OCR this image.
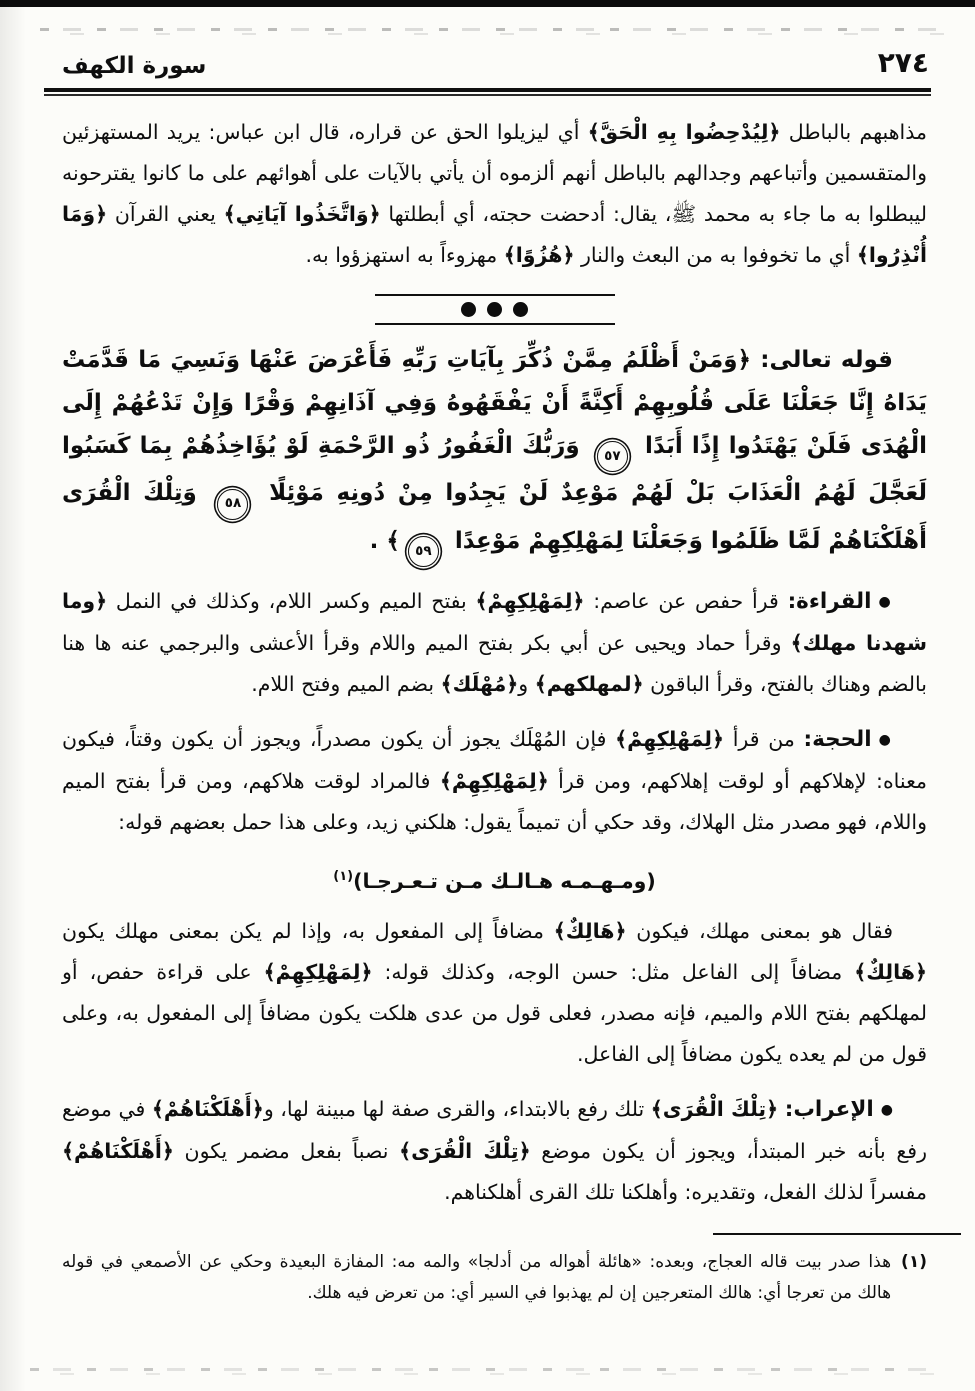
٢٧٤
سورة الكهف

مذاهبهم بالباطل ﴿لِيُدْحِضُوا بِهِ الْحَقَّ﴾ أي ليزيلوا الحق عن قراره، قال ابن عباس: يريد المستهزئين والمتقسمين وأتباعهم وجدالهم بالباطل أنهم ألزموه أن يأتي بالآيات على أهوائهم على ما كانوا يقترحونه ليبطلوا به ما جاء به محمد ﷺ، يقال: أدحضت حجته، أي أبطلتها ﴿وَاتَّخَذُوا آيَاتِي﴾ يعني القرآن ﴿وَمَا أُنْذِرُوا﴾ أي ما تخوفوا به من البعث والنار ﴿هُزُوًا﴾ مهزوءاً به استهزؤوا به.

قوله تعالى: ﴿وَمَنْ أَظْلَمُ مِمَّنْ ذُكِّرَ بِآيَاتِ رَبِّهِ فَأَعْرَضَ عَنْهَا وَنَسِيَ مَا قَدَّمَتْ يَدَاهُ إِنَّا جَعَلْنَا عَلَى قُلُوبِهِمْ أَكِنَّةً أَنْ يَفْقَهُوهُ وَفِي آذَانِهِمْ وَقْرًا وَإِنْ تَدْعُهُمْ إِلَى الْهُدَى فَلَنْ يَهْتَدُوا إِذًا أَبَدًا ٥٧ وَرَبُّكَ الْغَفُورُ ذُو الرَّحْمَةِ لَوْ يُؤَاخِذُهُمْ بِمَا كَسَبُوا لَعَجَّلَ لَهُمُ الْعَذَابَ بَلْ لَهُمْ مَوْعِدٌ لَنْ يَجِدُوا مِنْ دُونِهِ مَوْئِلًا ٥٨ وَتِلْكَ الْقُرَى أَهْلَكْنَاهُمْ لَمَّا ظَلَمُوا وَجَعَلْنَا لِمَهْلِكِهِمْ مَوْعِدًا ٥٩﴾ .

●القراءة: قرأ حفص عن عاصم: ﴿لِمَهْلِكِهِمْ﴾ بفتح الميم وكسر اللام، وكذلك في النمل ﴿وما شهدنا مهلك﴾ وقرأ حماد ويحيى عن أبي بكر بفتح الميم واللام وقرأ الأعشى والبرجمي عنه ها هنا بالضم وهناك بالفتح، وقرأ الباقون ﴿لمهلكهم﴾ و﴿مُهْلَك﴾ بضم الميم وفتح اللام.

●الحجة: من قرأ ﴿لِمَهْلِكِهِمْ﴾ فإن المُهْلَك يجوز أن يكون مصدراً، ويجوز أن يكون وقتاً، فيكون معناه: لإهلاكهم أو لوقت إهلاكهم، ومن قرأ ﴿لِمَهْلِكِهِمْ﴾ فالمراد لوقت هلاكهم، ومن قرأ بفتح الميم واللام، فهو مصدر مثل الهلاك، وقد حكي أن تميماً يقول: هلكني زيد، وعلى هذا حمل بعضهم قوله:

(ومـهـمـه هـالـك مـن تـعـرجـا)$^{(١)}$

فقال هو بمعنى مهلك، فيكون ﴿هَالِكٌ﴾ مضافاً إلى المفعول به، وإذا لم يكن بمعنى مهلك يكون ﴿هَالِكٌ﴾ مضافاً إلى الفاعل مثل: حسن الوجه، وكذلك قوله: ﴿لِمَهْلِكِهِمْ﴾ على قراءة حفص، أو لمهلكهم بفتح اللام والميم، فإنه مصدر، فعلى قول من عدى هلكت يكون مضافاً إلى المفعول به، وعلى قول من لم يعده يكون مضافاً إلى الفاعل.

●الإعراب: ﴿تِلْكَ الْقُرَى﴾ تلك رفع بالابتداء، والقرى صفة لها مبينة لها، و﴿أَهْلَكْنَاهُمْ﴾ في موضع رفع بأنه خبر المبتدأ، ويجوز أن يكون موضع ﴿تِلْكَ الْقُرَى﴾ نصباً بفعل مضمر يكون ﴿أَهْلَكْنَاهُمْ﴾ مفسراً لذلك الفعل، وتقديره: وأهلكنا تلك القرى أهلكناهم.

(١)
هذا صدر بيت قاله العجاج، وبعده: «هائلة أهواله من أدلجا» والمه مه: المفازة البعيدة وحكي عن الأصمعي في قوله هالك من تعرجا أي: هالك المتعرجين إن لم يهذبوا في السير أي: من تعرض فيه هلك.
